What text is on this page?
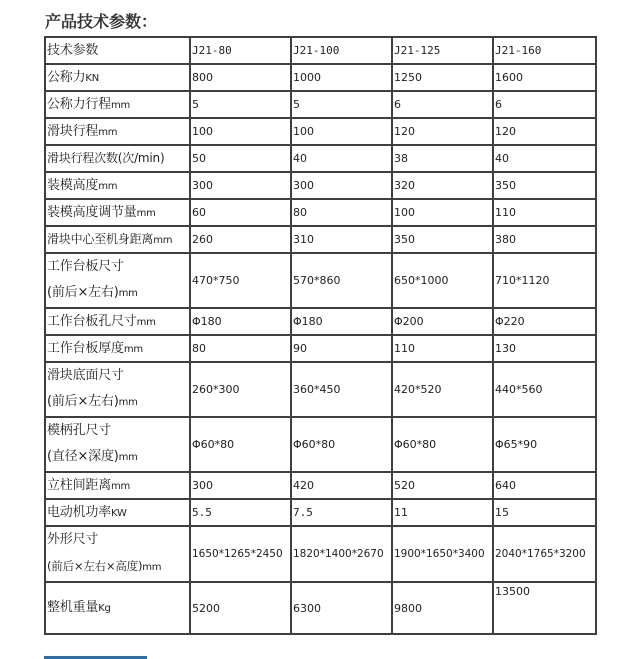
产品技术参数：
技术参数	J21-80	J21-100	J21-125	J21-160
公称力KN	800	1000	1250	1600
公称力行程mm	5	5	6	6
滑块行程mm	100	100	120	120
滑块行程次数(次/min)	50	40	38	40
装模高度mm	300	300	320	350
装模高度调节量mm	60	80	100	110
滑块中心至机身距离mm	260	310	350	380

工作台板尺寸
(前后×左右)mm	470*750	570*860	650*1000	710*1120
工作台板孔尺寸mm	Φ180	Φ180	Φ200	Φ220
工作台板厚度mm	80	90	110	130

滑块底面尺寸
(前后×左右)mm	260*300	360*450	420*520	440*560

模柄孔尺寸
(直径×深度)mm	Φ60*80	Φ60*80	Φ60*80	Φ65*90
立柱间距离mm	300	420	520	640
电动机功率KW	5.5	7.5	11	15

外形尺寸
(前后×左右×高度)mm	1650*1265*2450	1820*1400*2670	1900*1650*3400	2040*1765*3200
整机重量Kg	5200	6300	9800	13500
